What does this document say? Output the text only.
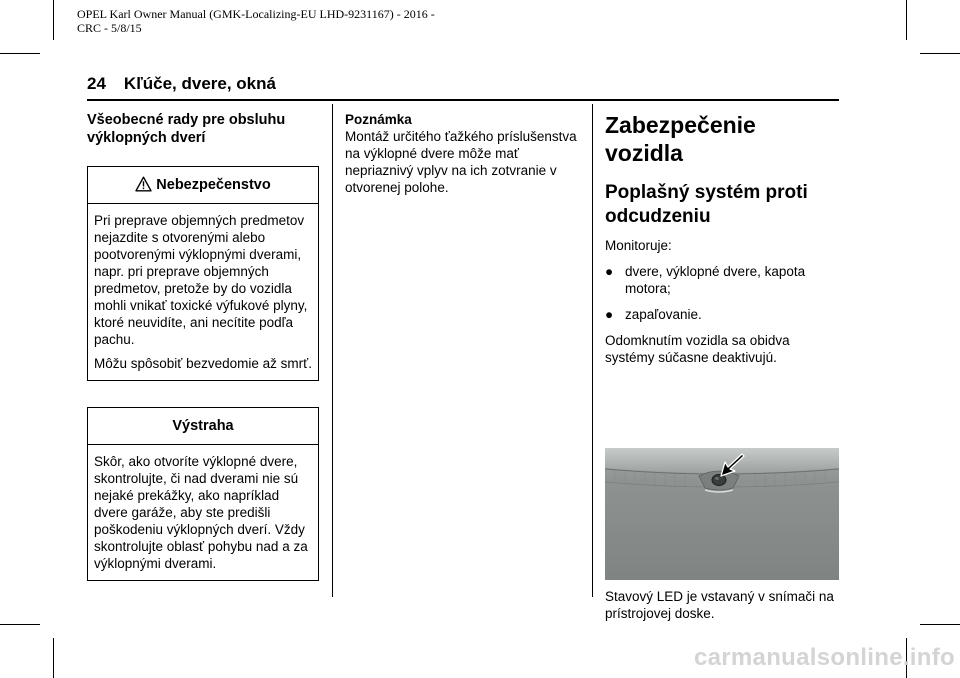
OPEL Karl Owner Manual (GMK-Localizing-EU LHD-9231167) - 2016 -
CRC - 5/8/15
24 Kľúče, dvere, okná

Všeobecné rady pre obsluhu
výklopných dverí

Nebezpečenstvo

Pri preprave objemných predmetov nejazdite s otvorenými alebo pootvorenými výklopnými dverami, napr. pri preprave objemných predmetov, pretože by do vozidla mohli vnikať toxické výfukové plyny, ktoré neuvidíte, ani necítite podľa pachu.

Môžu spôsobiť bezvedomie až smrť.

Výstraha

Skôr, ako otvoríte výklopné dvere, skontrolujte, či nad dverami nie sú nejaké prekážky, ako napríklad dvere garáže, aby ste predišli poškodeniu výklopných dverí. Vždy skontrolujte oblasť pohybu nad a za výklopnými dverami.

Poznámka

Montáž určitého ťažkého príslušenstva na výklopné dvere môže mať nepriaznivý vplyv na ich zotvranie v otvorenej polohe.

Zabezpečenie vozidla
Poplašný systém proti odcudzeniu

Monitoruje:

● dvere, výklopné dvere, kapota motora;
● zapaľovanie.

Odomknutím vozidla sa obidva systémy súčasne deaktivujú.

Stavový LED je vstavaný v snímači na prístrojovej doske.

carmanualsonline.info
